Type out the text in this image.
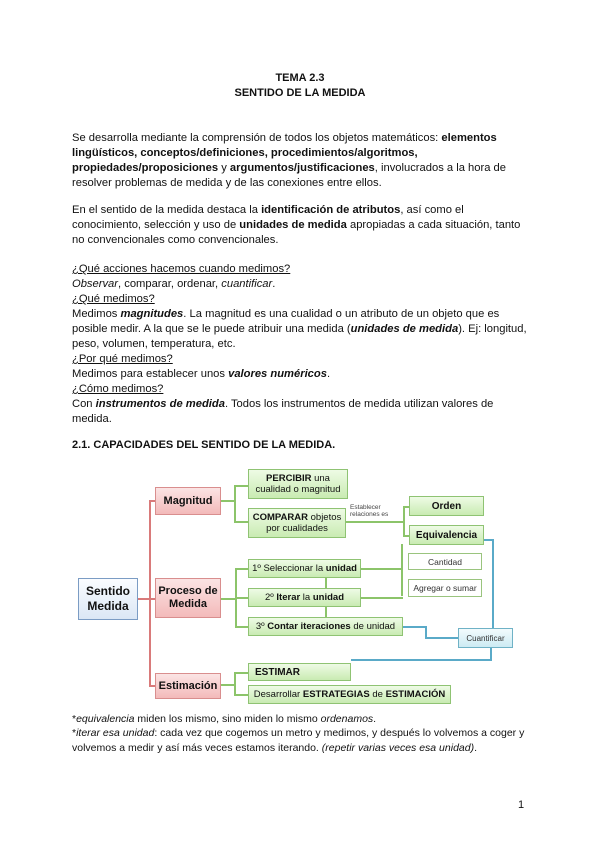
TEMA 2.3
SENTIDO DE LA MEDIDA
Se desarrolla mediante la comprensión de todos los objetos matemáticos: elementos lingüísticos, conceptos/definiciones, procedimientos/algoritmos, propiedades/proposiciones y argumentos/justificaciones, involucrados a la hora de resolver problemas de medida y de las conexiones entre ellos.
En el sentido de la medida destaca la identificación de atributos, así como el conocimiento, selección y uso de unidades de medida apropiadas a cada situación, tanto no convencionales como convencionales.
¿Qué acciones hacemos cuando medimos?
Observar, comparar, ordenar, cuantificar.
¿Qué medimos?
Medimos magnitudes. La magnitud es una cualidad o un atributo de un objeto que es posible medir. A la que se le puede atribuir una medida (unidades de medida). Ej: longitud, peso, volumen, temperatura, etc.
¿Por qué medimos?
Medimos para establecer unos valores numéricos.
¿Cómo medimos?
Con instrumentos de medida. Todos los instrumentos de medida utilizan valores de medida.
2.1. CAPACIDADES DEL SENTIDO DE LA MEDIDA.
Sentido Medida
Magnitud
Proceso de Medida
Estimación
PERCIBIR una cualidad o magnitud
COMPARAR objetos por cualidades
Establecer relaciones es
Orden
Equivalencia
Cantidad
Agregar o sumar
Cuantificar
1º Seleccionar la unidad
2º Iterar la unidad
3º Contar iteraciones de unidad
ESTIMAR
Desarrollar ESTRATEGIAS de ESTIMACIÓN
*equivalencia miden los mismo, sino miden lo mismo ordenamos.
*iterar esa unidad: cada vez que cogemos un metro y medimos, y después lo volvemos a coger y volvemos a medir y así más veces estamos iterando. (repetir varias veces esa unidad).
1
